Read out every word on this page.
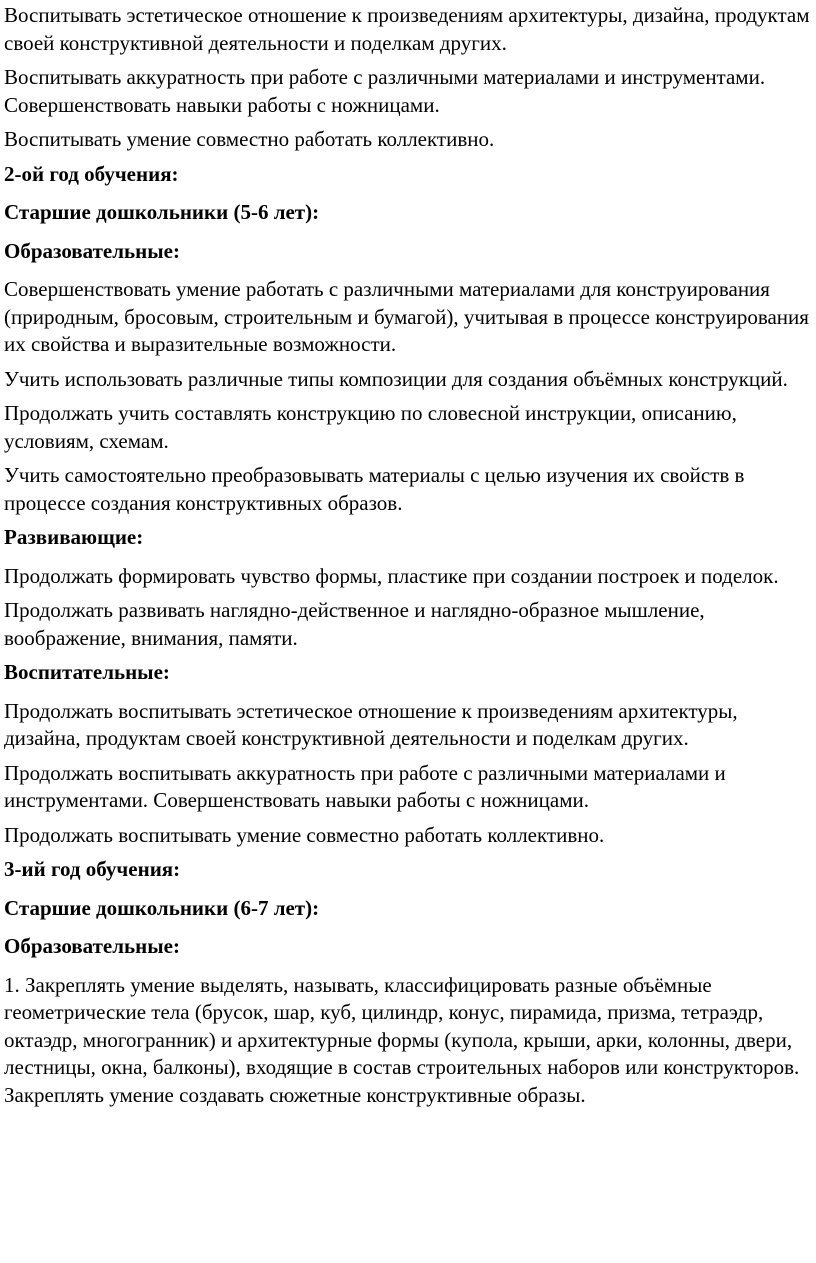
Воспитывать эстетическое отношение к произведениям архитектуры, дизайна, продуктам своей конструктивной деятельности и поделкам других.

Воспитывать аккуратность при работе с различными материалами и инструментами. Совершенствовать навыки работы с ножницами.

Воспитывать умение совместно работать коллективно.

2-ой год обучения:

Старшие дошкольники (5-6 лет):

Образовательные:

Совершенствовать умение работать с различными материалами для конструирования (природным, бросовым, строительным и бумагой), учитывая в процессе конструирования их свойства и выразительные возможности.

Учить использовать различные типы композиции для создания объёмных конструкций.

Продолжать учить составлять конструкцию по словесной инструкции, описанию, условиям, схемам.

Учить самостоятельно преобразовывать материалы с целью изучения их свойств в процессе создания конструктивных образов.

Развивающие:

Продолжать формировать чувство формы, пластике при создании построек и поделок.

Продолжать развивать наглядно-действенное и наглядно-образное мышление, воображение, внимания, памяти.

Воспитательные:

Продолжать воспитывать эстетическое отношение к произведениям архитектуры, дизайна, продуктам своей конструктивной деятельности и поделкам других.

Продолжать воспитывать аккуратность при работе с различными материалами и инструментами. Совершенствовать навыки работы с ножницами.

Продолжать воспитывать умение совместно работать коллективно.

3-ий год обучения:

Старшие дошкольники (6-7 лет):

Образовательные:

1. Закреплять умение выделять, называть, классифицировать разные объёмные геометрические тела (брусок, шар, куб, цилиндр, конус, пирамида, призма, тетраэдр, октаэдр, многогранник) и архитектурные формы (купола, крыши, арки, колонны, двери, лестницы, окна, балконы), входящие в состав строительных наборов или конструкторов. Закреплять умение создавать сюжетные конструктивные образы.
